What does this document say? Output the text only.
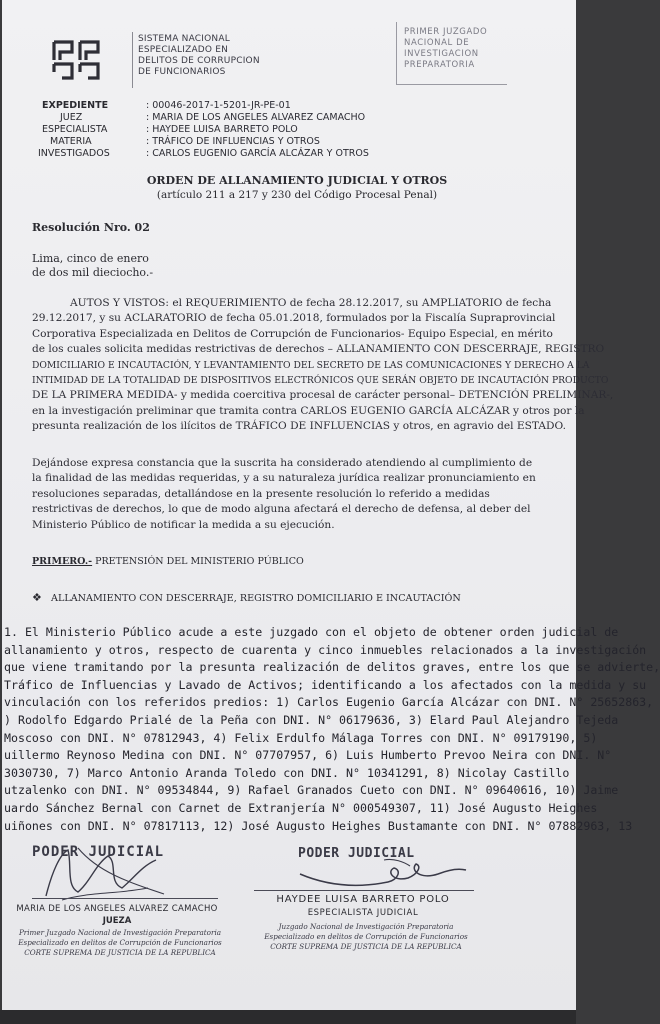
SISTEMA NACIONAL
ESPECIALIZADO EN
DELITOS DE CORRUPCION
DE FUNCIONARIOS
PRIMER JUZGADO
NACIONAL DE
INVESTIGACION
PREPARATORIA
EXPEDIENTE	: 00046-2017-1-5201-JR-PE-01
JUEZ	: MARIA DE LOS ANGELES ALVAREZ CAMACHO
ESPECIALISTA	: HAYDEE LUISA BARRETO POLO
MATERIA	: TRÁFICO DE INFLUENCIAS Y OTROS
INVESTIGADOS	: CARLOS EUGENIO GARCÍA ALCÁZAR Y OTROS
ORDEN DE ALLANAMIENTO JUDICIAL Y OTROS
(artículo 211 a 217 y 230 del Código Procesal Penal)
Resolución Nro. 02
Lima, cinco de enero
de dos mil dieciocho.-
AUTOS Y VISTOS: el REQUERIMIENTO de fecha 28.12.2017, su AMPLIATORIO de fecha
29.12.2017, y su ACLARATORIO de fecha 05.01.2018, formulados por la Fiscalía Supraprovincial
Corporativa Especializada en Delitos de Corrupción de Funcionarios- Equipo Especial, en mérito
de los cuales solicita medidas restrictivas de derechos – ALLANAMIENTO CON DESCERRAJE, REGISTRO
DOMICILIARIO E INCAUTACIÓN, Y LEVANTAMIENTO DEL SECRETO DE LAS COMUNICACIONES Y DERECHO A LA
INTIMIDAD DE LA TOTALIDAD DE DISPOSITIVOS ELECTRÓNICOS QUE SERÁN OBJETO DE INCAUTACIÓN PRODUCTO
DE LA PRIMERA MEDIDA- y medida coercitiva procesal de carácter personal– DETENCIÓN PRELIMINAR-,
en la investigación preliminar que tramita contra CARLOS EUGENIO GARCÍA ALCÁZAR y otros por la
presunta realización de los ilícitos de TRÁFICO DE INFLUENCIAS y otros, en agravio del ESTADO.
Dejándose expresa constancia que la suscrita ha considerado atendiendo al cumplimiento de
la finalidad de las medidas requeridas, y a su naturaleza jurídica realizar pronunciamiento en
resoluciones separadas, detallándose en la presente resolución lo referido a medidas
restrictivas de derechos, lo que de modo alguna afectará el derecho de defensa, al deber del
Ministerio Público de notificar la medida a su ejecución.
PRIMERO.- PRETENSIÓN DEL MINISTERIO PÚBLICO
❖ ALLANAMIENTO CON DESCERRAJE, REGISTRO DOMICILIARIO E INCAUTACIÓN
1. El Ministerio Público acude a este juzgado con el objeto de obtener orden judicial de
allanamiento y otros, respecto de cuarenta y cinco inmuebles relacionados a la investigación
que viene tramitando por la presunta realización de delitos graves, entre los que se advierte,
Tráfico de Influencias y Lavado de Activos; identificando a los afectados con la medida y su
vinculación con los referidos predios: 1) Carlos Eugenio García Alcázar con DNI. N° 25652863,
) Rodolfo Edgardo Prialé de la Peña con DNI. N° 06179636, 3) Elard Paul Alejandro Tejeda
Moscoso con DNI. N° 07812943, 4) Felix Erdulfo Málaga Torres con DNI. N° 09179190, 5)
uillermo Reynoso Medina con DNI. N° 07707957, 6) Luis Humberto Prevoo Neira con DNI. N°
3030730, 7) Marco Antonio Aranda Toledo con DNI. N° 10341291, 8) Nicolay Castillo
utzalenko con DNI. N° 09534844, 9) Rafael Granados Cueto con DNI. N° 09640616, 10) Jaime
uardo Sánchez Bernal con Carnet de Extranjería N° 000549307, 11) José Augusto Heighes
uiñones con DNI. N° 07817113, 12) José Augusto Heighes Bustamante con DNI. N° 07882963, 13
PODER JUDICIAL
MARIA DE LOS ANGELES ALVAREZ CAMACHO
JUEZA
Primer Juzgado Nacional de Investigación Preparatoria
Especializado en delitos de Corrupción de Funcionarios
CORTE SUPREMA DE JUSTICIA DE LA REPUBLICA
PODER JUDICIAL
HAYDEE LUISA BARRETO POLO
ESPECIALISTA JUDICIAL
Juzgado Nacional de Investigación Preparatoria
Especializado en delitos de Corrupción de Funcionarios
CORTE SUPREMA DE JUSTICIA DE LA REPUBLICA
